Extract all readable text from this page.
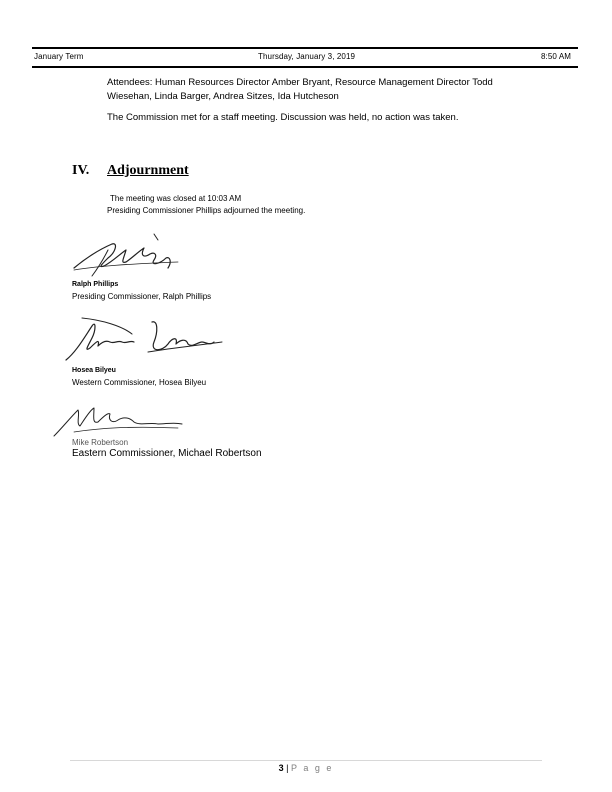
January Term	Thursday, January 3, 2019	8:50 AM
Attendees: Human Resources Director Amber Bryant, Resource Management Director Todd Wiesehan, Linda Barger, Andrea Sitzes, Ida Hutcheson
The Commission met for a staff meeting. Discussion was held, no action was taken.
IV. Adjournment
The meeting was closed at 10:03 AM
Presiding Commissioner Phillips adjourned the meeting.
Ralph Phillips
Presiding Commissioner, Ralph Phillips
Hosea Bilyeu
Western Commissioner, Hosea Bilyeu
Mike Robertson
Eastern Commissioner, Michael Robertson
3 | P a g e
